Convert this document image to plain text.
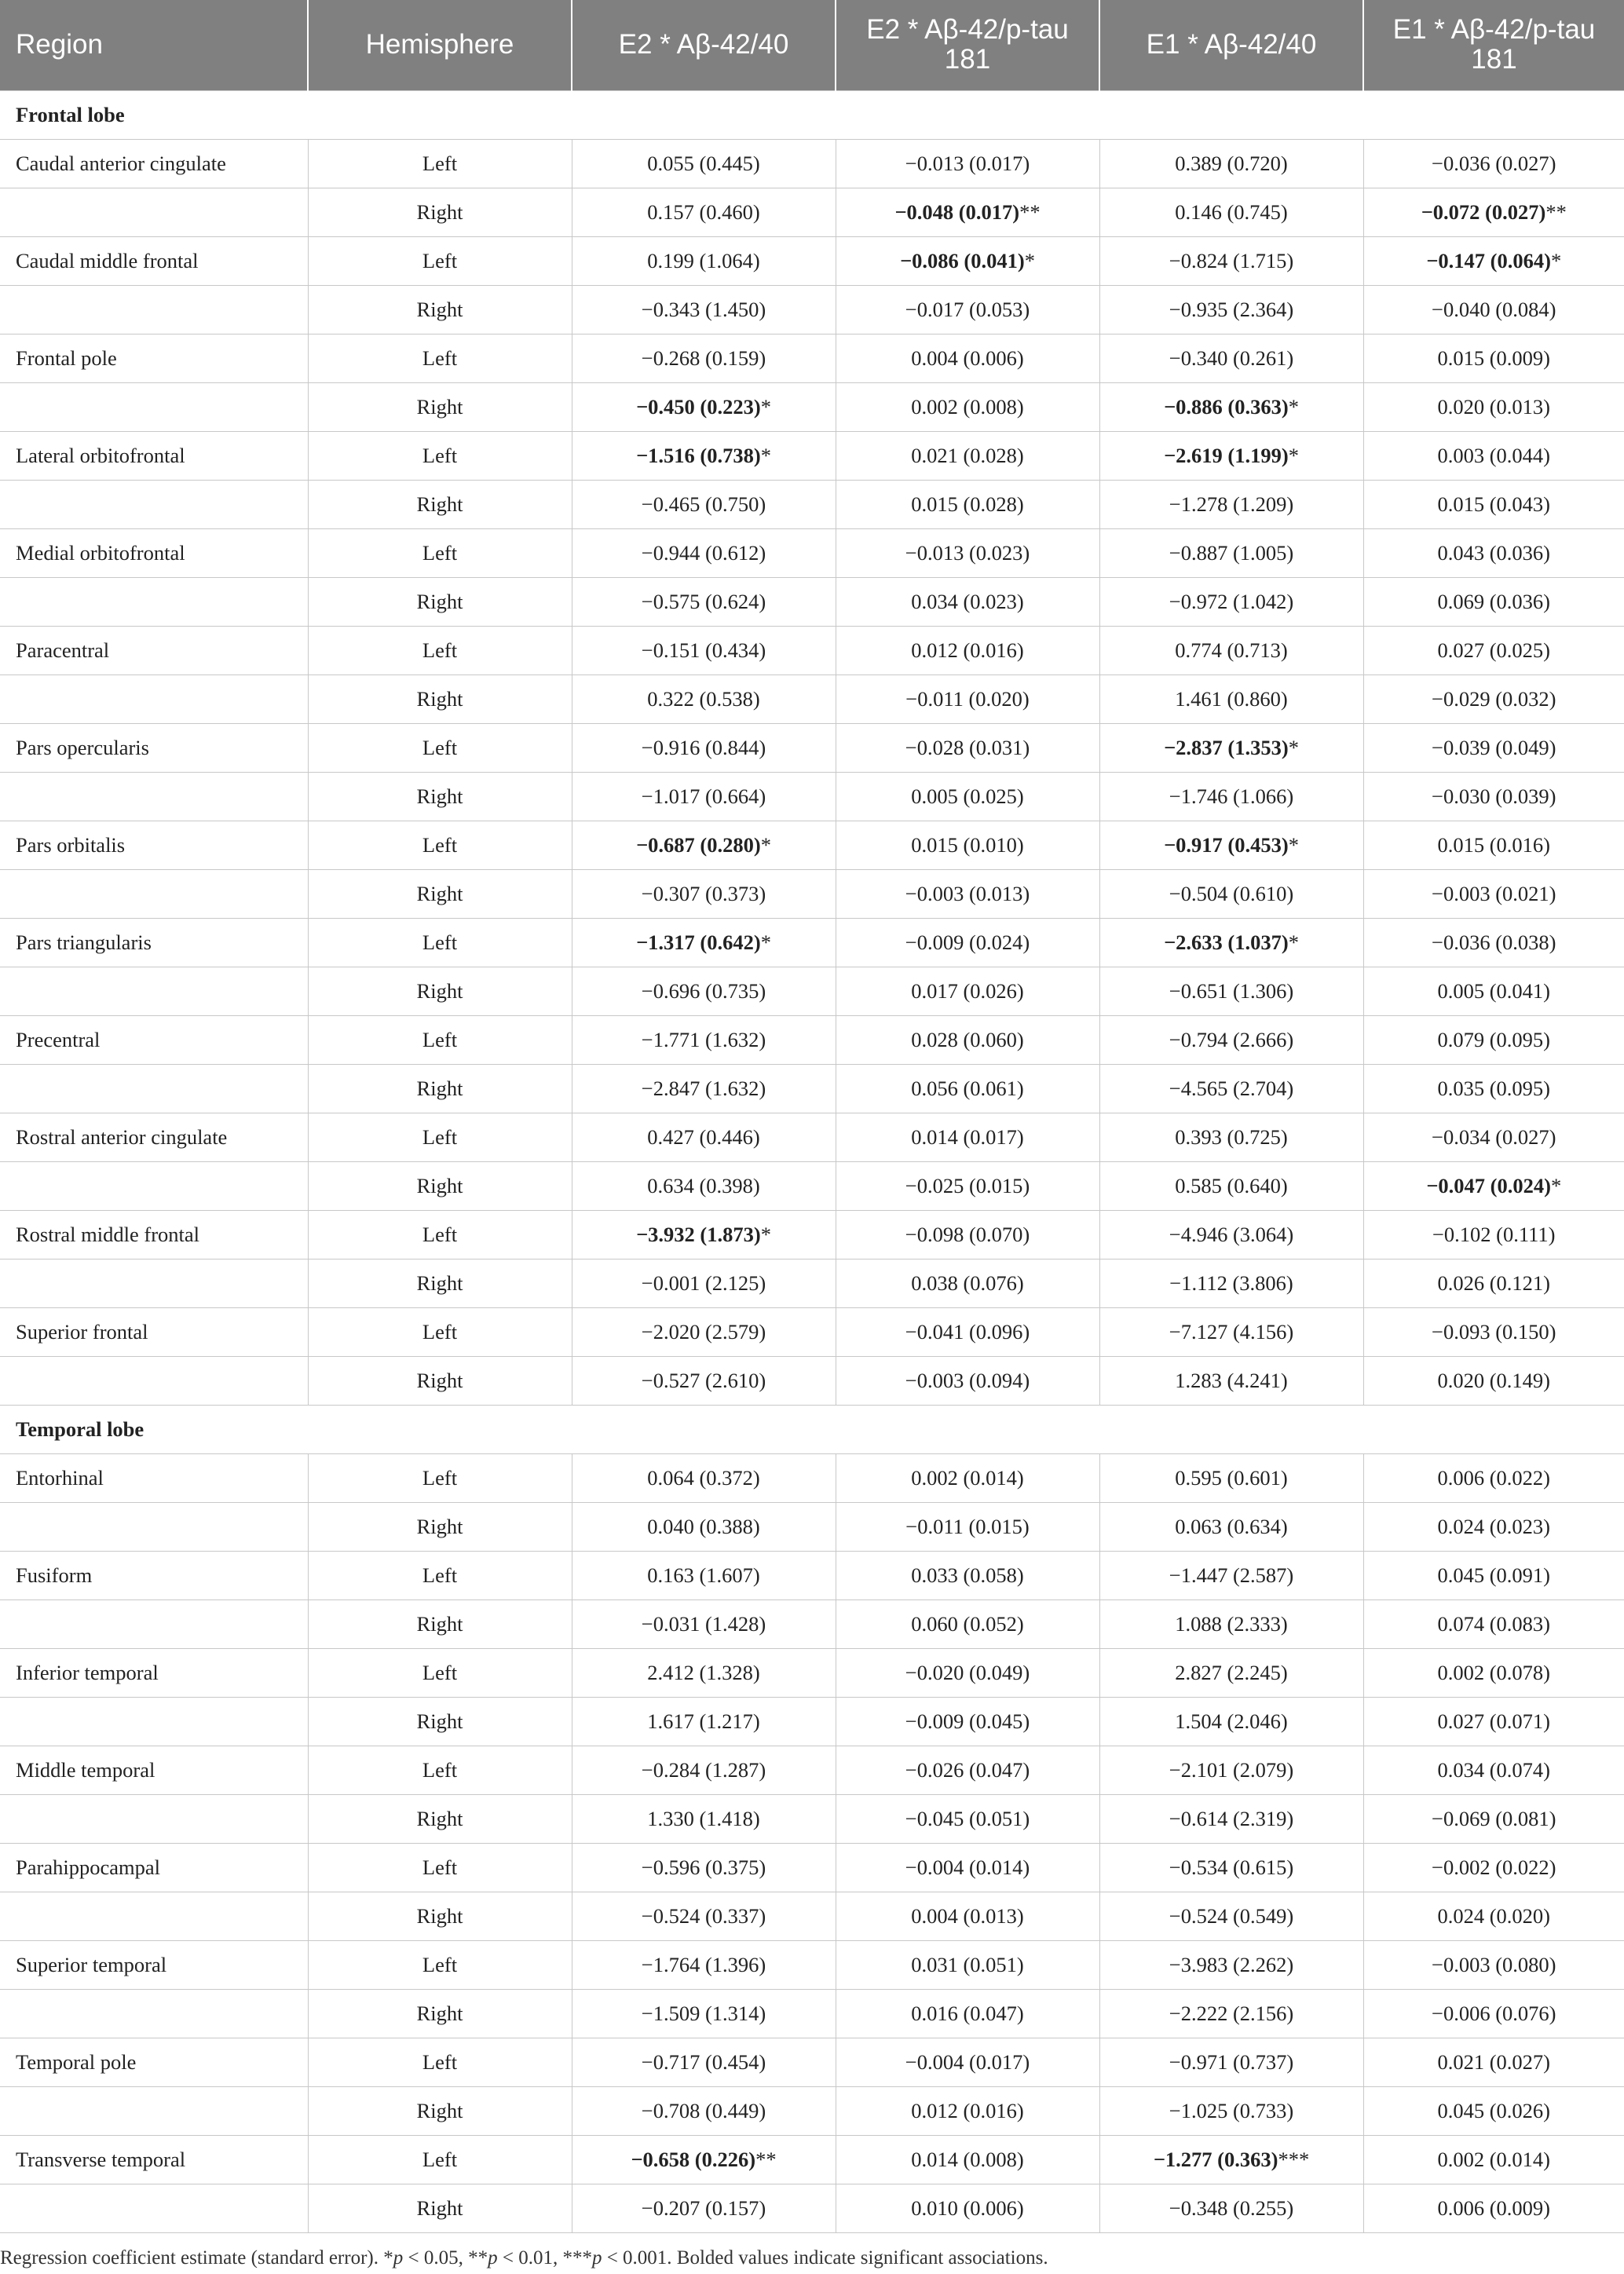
Region	Hemisphere	E2 * Aβ-42/40	E2 * Aβ-42/p-tau 181	E1 * Aβ-42/40	E1 * Aβ-42/p-tau 181
Frontal lobe					
Caudal anterior cingulate	Left	0.055 (0.445)	−0.013 (0.017)	0.389 (0.720)	−0.036 (0.027)
	Right	0.157 (0.460)	−0.048 (0.017)**	0.146 (0.745)	−0.072 (0.027)**
Caudal middle frontal	Left	0.199 (1.064)	−0.086 (0.041)*	−0.824 (1.715)	−0.147 (0.064)*
	Right	−0.343 (1.450)	−0.017 (0.053)	−0.935 (2.364)	−0.040 (0.084)
Frontal pole	Left	−0.268 (0.159)	0.004 (0.006)	−0.340 (0.261)	0.015 (0.009)
	Right	−0.450 (0.223)*	0.002 (0.008)	−0.886 (0.363)*	0.020 (0.013)
Lateral orbitofrontal	Left	−1.516 (0.738)*	0.021 (0.028)	−2.619 (1.199)*	0.003 (0.044)
	Right	−0.465 (0.750)	0.015 (0.028)	−1.278 (1.209)	0.015 (0.043)
Medial orbitofrontal	Left	−0.944 (0.612)	−0.013 (0.023)	−0.887 (1.005)	0.043 (0.036)
	Right	−0.575 (0.624)	0.034 (0.023)	−0.972 (1.042)	0.069 (0.036)
Paracentral	Left	−0.151 (0.434)	0.012 (0.016)	0.774 (0.713)	0.027 (0.025)
	Right	0.322 (0.538)	−0.011 (0.020)	1.461 (0.860)	−0.029 (0.032)
Pars opercularis	Left	−0.916 (0.844)	−0.028 (0.031)	−2.837 (1.353)*	−0.039 (0.049)
	Right	−1.017 (0.664)	0.005 (0.025)	−1.746 (1.066)	−0.030 (0.039)
Pars orbitalis	Left	−0.687 (0.280)*	0.015 (0.010)	−0.917 (0.453)*	0.015 (0.016)
	Right	−0.307 (0.373)	−0.003 (0.013)	−0.504 (0.610)	−0.003 (0.021)
Pars triangularis	Left	−1.317 (0.642)*	−0.009 (0.024)	−2.633 (1.037)*	−0.036 (0.038)
	Right	−0.696 (0.735)	0.017 (0.026)	−0.651 (1.306)	0.005 (0.041)
Precentral	Left	−1.771 (1.632)	0.028 (0.060)	−0.794 (2.666)	0.079 (0.095)
	Right	−2.847 (1.632)	0.056 (0.061)	−4.565 (2.704)	0.035 (0.095)
Rostral anterior cingulate	Left	0.427 (0.446)	0.014 (0.017)	0.393 (0.725)	−0.034 (0.027)
	Right	0.634 (0.398)	−0.025 (0.015)	0.585 (0.640)	−0.047 (0.024)*
Rostral middle frontal	Left	−3.932 (1.873)*	−0.098 (0.070)	−4.946 (3.064)	−0.102 (0.111)
	Right	−0.001 (2.125)	0.038 (0.076)	−1.112 (3.806)	0.026 (0.121)
Superior frontal	Left	−2.020 (2.579)	−0.041 (0.096)	−7.127 (4.156)	−0.093 (0.150)
	Right	−0.527 (2.610)	−0.003 (0.094)	1.283 (4.241)	0.020 (0.149)
Temporal lobe					
Entorhinal	Left	0.064 (0.372)	0.002 (0.014)	0.595 (0.601)	0.006 (0.022)
	Right	0.040 (0.388)	−0.011 (0.015)	0.063 (0.634)	0.024 (0.023)
Fusiform	Left	0.163 (1.607)	0.033 (0.058)	−1.447 (2.587)	0.045 (0.091)
	Right	−0.031 (1.428)	0.060 (0.052)	1.088 (2.333)	0.074 (0.083)
Inferior temporal	Left	2.412 (1.328)	−0.020 (0.049)	2.827 (2.245)	0.002 (0.078)
	Right	1.617 (1.217)	−0.009 (0.045)	1.504 (2.046)	0.027 (0.071)
Middle temporal	Left	−0.284 (1.287)	−0.026 (0.047)	−2.101 (2.079)	0.034 (0.074)
	Right	1.330 (1.418)	−0.045 (0.051)	−0.614 (2.319)	−0.069 (0.081)
Parahippocampal	Left	−0.596 (0.375)	−0.004 (0.014)	−0.534 (0.615)	−0.002 (0.022)
	Right	−0.524 (0.337)	0.004 (0.013)	−0.524 (0.549)	0.024 (0.020)
Superior temporal	Left	−1.764 (1.396)	0.031 (0.051)	−3.983 (2.262)	−0.003 (0.080)
	Right	−1.509 (1.314)	0.016 (0.047)	−2.222 (2.156)	−0.006 (0.076)
Temporal pole	Left	−0.717 (0.454)	−0.004 (0.017)	−0.971 (0.737)	0.021 (0.027)
	Right	−0.708 (0.449)	0.012 (0.016)	−1.025 (0.733)	0.045 (0.026)
Transverse temporal	Left	−0.658 (0.226)**	0.014 (0.008)	−1.277 (0.363)***	0.002 (0.014)
	Right	−0.207 (0.157)	0.010 (0.006)	−0.348 (0.255)	0.006 (0.009)
Regression coefficient estimate (standard error). *p < 0.05, **p < 0.01, ***p < 0.001. Bolded values indicate significant associations.
